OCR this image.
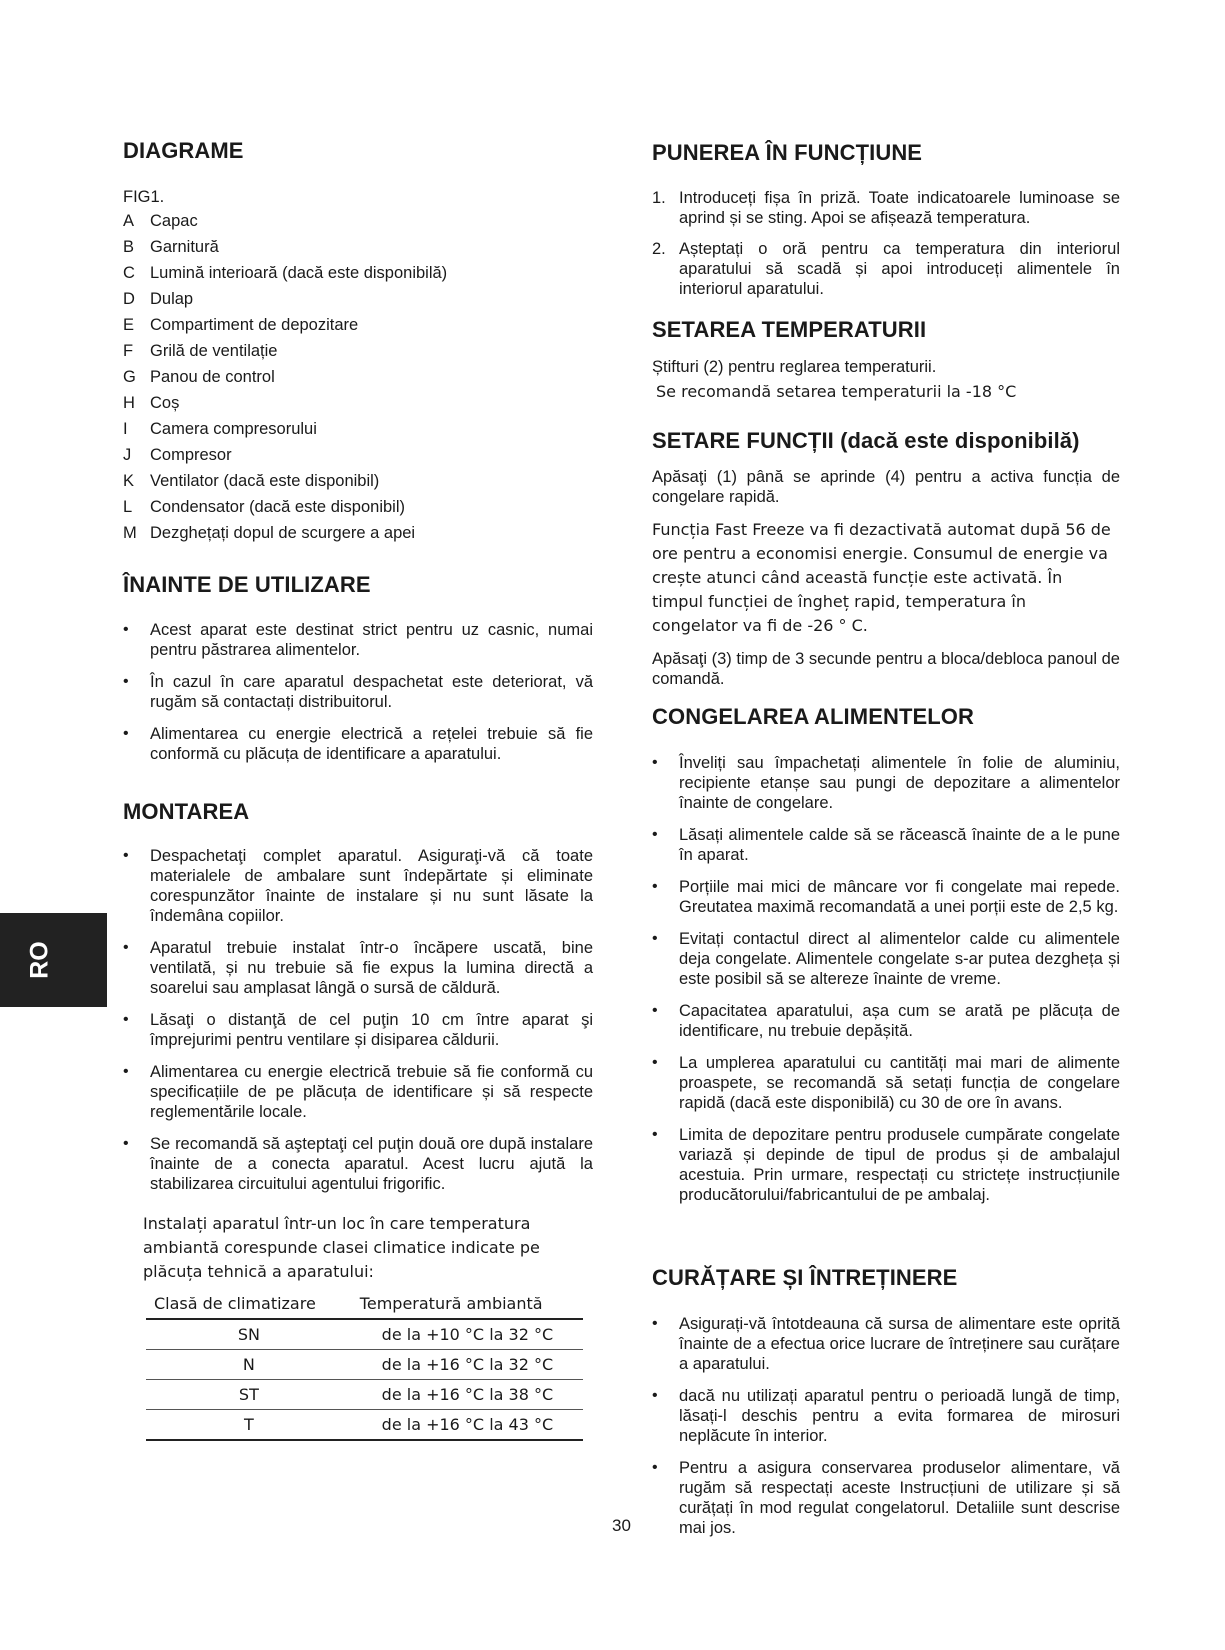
RO
DIAGRAME
FIG1.
A Capac
B Garnitură
C Lumină interioară (dacă este disponibilă)
D Dulap
E Compartiment de depozitare
F Grilă de ventilație
G Panou de control
H Coș
I Camera compresorului
J Compresor
K Ventilator (dacă este disponibil)
L Condensator (dacă este disponibil)
M Dezghețați dopul de scurgere a apei
ÎNAINTE DE UTILIZARE
• Acest aparat este destinat strict pentru uz casnic, numai pentru păstrarea alimentelor.
• În cazul în care aparatul despachetat este deteriorat, vă rugăm să contactați distribuitorul.
• Alimentarea cu energie electrică a rețelei trebuie să fie conformă cu plăcuța de identificare a aparatului.
MONTAREA
• Despachetaţi complet aparatul. Asiguraţi-vă că toate materialele de ambalare sunt îndepărtate și eliminate corespunzător înainte de instalare și nu sunt lăsate la îndemâna copiilor.
• Aparatul trebuie instalat într-o încăpere uscată, bine ventilată, și nu trebuie să fie expus la lumina directă a soarelui sau amplasat lângă o sursă de căldură.
• Lăsaţi o distanţă de cel puţin 10 cm între aparat şi împrejurimi pentru ventilare și disiparea căldurii.
• Alimentarea cu energie electrică trebuie să fie conformă cu specificațiile de pe plăcuța de identificare și să respecte reglementările locale.
• Se recomandă să aşteptaţi cel puţin două ore după instalare înainte de a conecta aparatul. Acest lucru ajută la stabilizarea circuitului agentului frigorific.
Instalați aparatul într-un loc în care temperatura ambiantă corespunde clasei climatice indicate pe plăcuța tehnică a aparatului:
Clasă de climatizare	Temperatură ambiantă
SN	de la +10 °C la 32 °C
N	de la +16 °C la 32 °C
ST	de la +16 °C la 38 °C
T	de la +16 °C la 43 °C
PUNEREA ÎN FUNCȚIUNE
1. Introduceți fișa în priză. Toate indicatoarele luminoase se aprind și se sting. Apoi se afișează temperatura.
2. Așteptați o oră pentru ca temperatura din interiorul aparatului să scadă și apoi introduceți alimentele în interiorul aparatului.
SETAREA TEMPERATURII
Știfturi (2) pentru reglarea temperaturii.
Se recomandă setarea temperaturii la -18 °C
SETARE FUNCȚII (dacă este disponibilă)
Apăsaţi (1) până se aprinde (4) pentru a activa funcția de congelare rapidă.
Funcția Fast Freeze va fi dezactivată automat după 56 de ore pentru a economisi energie. Consumul de energie va crește atunci când această funcție este activată. În timpul funcției de îngheț rapid, temperatura în congelator va fi de -26 ° C.
Apăsaţi (3) timp de 3 secunde pentru a bloca/debloca panoul de comandă.
CONGELAREA ALIMENTELOR
• Înveliți sau împachetați alimentele în folie de aluminiu, recipiente etanșe sau pungi de depozitare a alimentelor înainte de congelare.
• Lăsați alimentele calde să se răcească înainte de a le pune în aparat.
• Porțiile mai mici de mâncare vor fi congelate mai repede. Greutatea maximă recomandată a unei porții este de 2,5 kg.
• Evitați contactul direct al alimentelor calde cu alimentele deja congelate. Alimentele congelate s-ar putea dezgheța și este posibil să se altereze înainte de vreme.
• Capacitatea aparatului, așa cum se arată pe plăcuța de identificare, nu trebuie depășită.
• La umplerea aparatului cu cantități mai mari de alimente proaspete, se recomandă să setați funcția de congelare rapidă (dacă este disponibilă) cu 30 de ore în avans.
• Limita de depozitare pentru produsele cumpărate congelate variază și depinde de tipul de produs și de ambalajul acestuia. Prin urmare, respectați cu strictețe instrucțiunile producătorului/fabricantului de pe ambalaj.
CURĂȚARE ȘI ÎNTREȚINERE
• Asigurați-vă întotdeauna că sursa de alimentare este oprită înainte de a efectua orice lucrare de întreținere sau curățare a aparatului.
• dacă nu utilizați aparatul pentru o perioadă lungă de timp, lăsați-l deschis pentru a evita formarea de mirosuri neplăcute în interior.
• Pentru a asigura conservarea produselor alimentare, vă rugăm să respectați aceste Instrucțiuni de utilizare și să curățați în mod regulat congelatorul. Detaliile sunt descrise mai jos.
30
